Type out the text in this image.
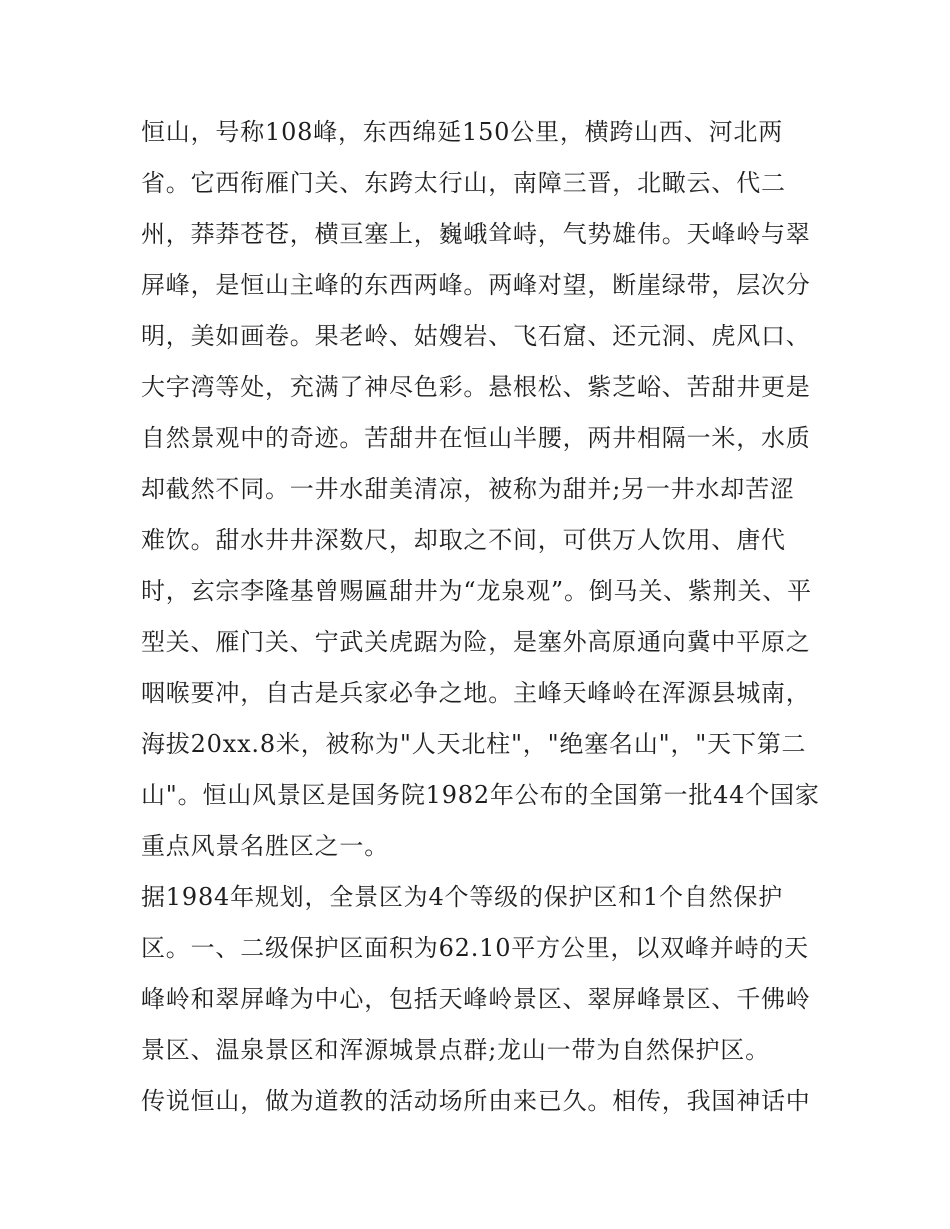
恒山，号称108峰，东西绵延150公里，横跨山西、河北两
省。它西衔雁门关、东跨太行山，南障三晋，北瞰云、代二
州，莽莽苍苍，横亘塞上，巍峨耸峙，气势雄伟。天峰岭与翠
屏峰，是恒山主峰的东西两峰。两峰对望，断崖绿带，层次分
明，美如画卷。果老岭、姑嫂岩、飞石窟、还元洞、虎风口、
大字湾等处，充满了神尽色彩。悬根松、紫芝峪、苦甜井更是
自然景观中的奇迹。苦甜井在恒山半腰，两井相隔一米，水质
却截然不同。一井水甜美清凉，被称为甜并;另一井水却苦涩
难饮。甜水井井深数尺，却取之不间，可供万人饮用、唐代
时，玄宗李隆基曾赐匾甜井为“龙泉观”。倒马关、紫荆关、平
型关、雁门关、宁武关虎踞为险，是塞外高原通向冀中平原之
咽喉要冲，自古是兵家必争之地。主峰天峰岭在浑源县城南，
海拔20xx.8米，被称为"人天北柱"，"绝塞名山"，"天下第二
山"。恒山风景区是国务院1982年公布的全国第一批44个国家
重点风景名胜区之一。
据1984年规划，全景区为4个等级的保护区和1个自然保护
区。一、二级保护区面积为62.10平方公里，以双峰并峙的天
峰岭和翠屏峰为中心，包括天峰岭景区、翠屏峰景区、千佛岭
景区、温泉景区和浑源城景点群;龙山一带为自然保护区。
传说恒山，做为道教的活动场所由来已久。相传，我国神话中
